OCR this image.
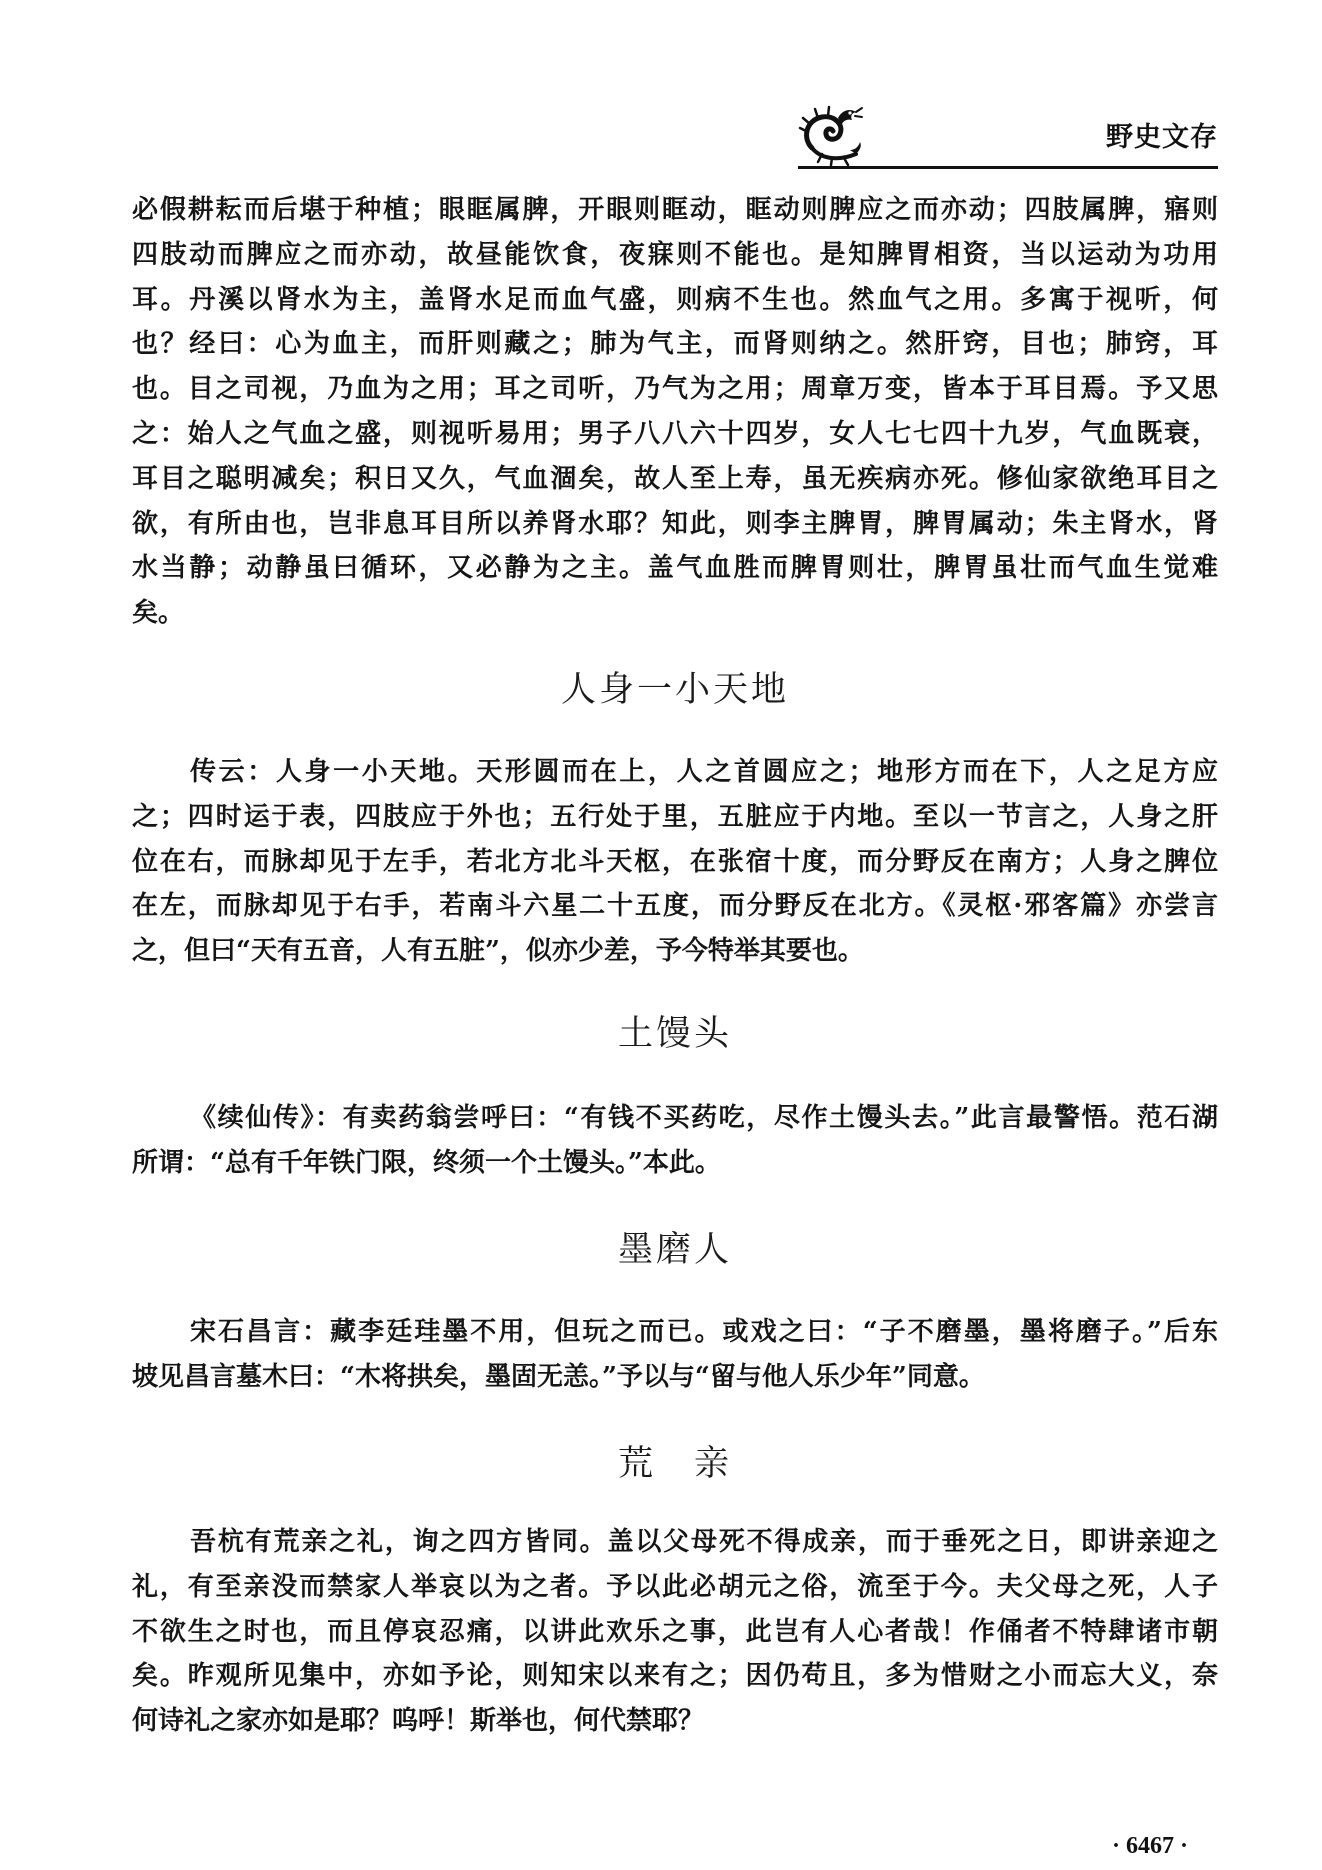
野史文存
必假耕耘而后堪于种植；眼眶属脾，开眼则眶动，眶动则脾应之而亦动；四肢属脾，寤则
四肢动而脾应之而亦动，故昼能饮食，夜寐则不能也。是知脾胃相资，当以运动为功用
耳。丹溪以肾水为主，盖肾水足而血气盛，则病不生也。然血气之用。多寓于视听，何
也？经曰：心为血主，而肝则藏之；肺为气主，而肾则纳之。然肝窍，目也；肺窍，耳
也。目之司视，乃血为之用；耳之司听，乃气为之用；周章万变，皆本于耳目焉。予又思
之：始人之气血之盛，则视听易用；男子八八六十四岁，女人七七四十九岁，气血既衰，
耳目之聪明减矣；积日又久，气血涸矣，故人至上寿，虽无疾病亦死。修仙家欲绝耳目之
欲，有所由也，岂非息耳目所以养肾水耶？知此，则李主脾胃，脾胃属动；朱主肾水，肾
水当静；动静虽曰循环，又必静为之主。盖气血胜而脾胃则壮，脾胃虽壮而气血生觉难
矣。
人身一小天地
传云：人身一小天地。天形圆而在上，人之首圆应之；地形方而在下，人之足方应
之；四时运于表，四肢应于外也；五行处于里，五脏应于内地。至以一节言之，人身之肝
位在右，而脉却见于左手，若北方北斗天枢，在张宿十度，而分野反在南方；人身之脾位
在左，而脉却见于右手，若南斗六星二十五度，而分野反在北方。《灵枢·邪客篇》亦尝言
之，但曰“天有五音，人有五脏”，似亦少差，予今特举其要也。
土馒头
《续仙传》：有卖药翁尝呼曰：“有钱不买药吃，尽作土馒头去。”此言最警悟。范石湖
所谓：“总有千年铁门限，终须一个土馒头。”本此。
墨磨人
宋石昌言：藏李廷珪墨不用，但玩之而已。或戏之曰：“子不磨墨，墨将磨子。”后东
坡见昌言墓木曰：“木将拱矣，墨固无恙。”予以与“留与他人乐少年”同意。
荒　亲
吾杭有荒亲之礼，询之四方皆同。盖以父母死不得成亲，而于垂死之日，即讲亲迎之
礼，有至亲没而禁家人举哀以为之者。予以此必胡元之俗，流至于今。夫父母之死，人子
不欲生之时也，而且停哀忍痛，以讲此欢乐之事，此岂有人心者哉！作俑者不特肆诸市朝
矣。昨观所见集中，亦如予论，则知宋以来有之；因仍苟且，多为惜财之小而忘大义，奈
何诗礼之家亦如是耶？呜呼！斯举也，何代禁耶？
· 6467 ·
